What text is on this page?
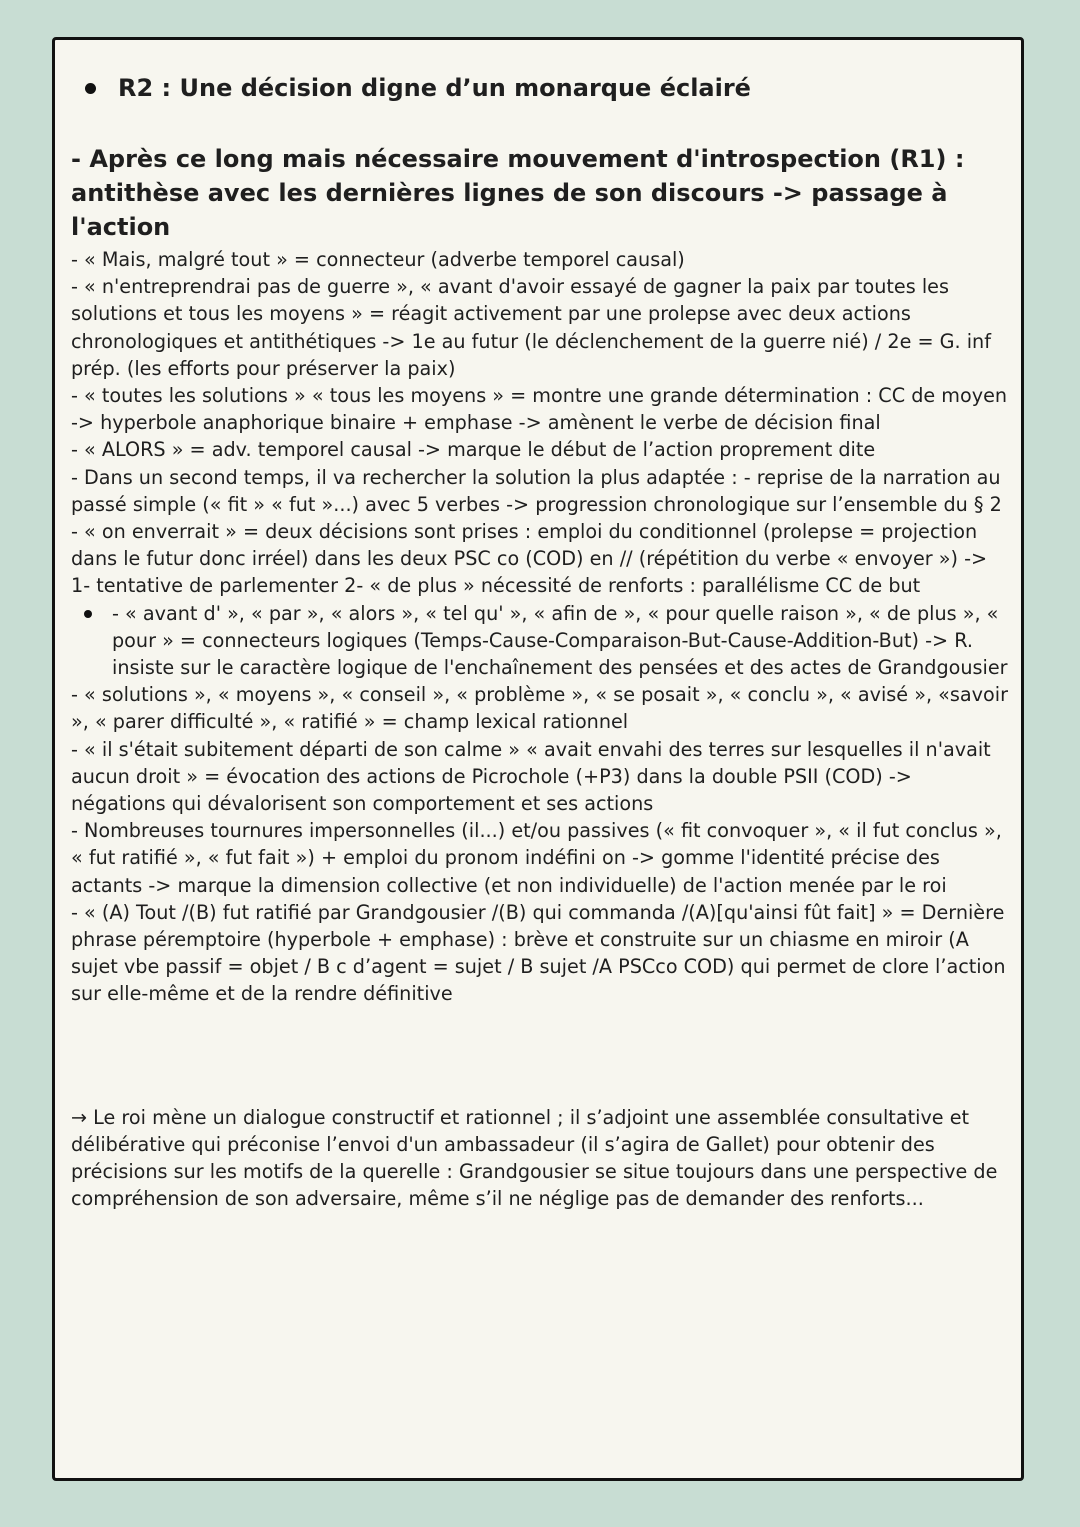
R2 : Une décision digne d’un monarque éclairé
- Après ce long mais nécessaire mouvement d'introspection (R1) : antithèse avec les dernières lignes de son discours -> passage à l'action

- « Mais, malgré tout » = connecteur (adverbe temporel causal)

- « n'entreprendrai pas de guerre », « avant d'avoir essayé de gagner la paix par toutes les solutions et tous les moyens » = réagit activement par une prolepse avec deux actions chronologiques et antithétiques -> 1e au futur (le déclenchement de la guerre nié) / 2e = G. inf prép. (les efforts pour préserver la paix)

- « toutes les solutions » « tous les moyens » = montre une grande détermination : CC de moyen -> hyperbole anaphorique binaire + emphase -> amènent le verbe de décision final

- « ALORS » = adv. temporel causal -> marque le début de l’action proprement dite

- Dans un second temps, il va rechercher la solution la plus adaptée : - reprise de la narration au passé simple (« fit » « fut »...) avec 5 verbes -> progression chronologique sur l’ensemble du § 2

- « on enverrait » = deux décisions sont prises : emploi du conditionnel (prolepse = projection dans le futur donc irréel) dans les deux PSC co (COD) en // (répétition du verbe « envoyer ») -> 1- tentative de parlementer 2- « de plus » nécessité de renforts : parallélisme CC de but

- « avant d' », « par », « alors », « tel qu' », « afin de », « pour quelle raison », « de plus », « pour » = connecteurs logiques (Temps-Cause-Comparaison-But-Cause-Addition-But) -> R. insiste sur le caractère logique de l'enchaînement des pensées et des actes de Grandgousier

- « solutions », « moyens », « conseil », « problème », « se posait », « conclu », « avisé », «savoir », « parer difficulté », « ratifié » = champ lexical rationnel

- « il s'était subitement départi de son calme » « avait envahi des terres sur lesquelles il n'avait aucun droit » = évocation des actions de Picrochole (+P3) dans la double PSII (COD) -> négations qui dévalorisent son comportement et ses actions

- Nombreuses tournures impersonnelles (il...) et/ou passives (« fit convoquer », « il fut conclus », « fut ratifié », « fut fait ») + emploi du pronom indéfini on -> gomme l'identité précise des actants -> marque la dimension collective (et non individuelle) de l'action menée par le roi

- « (A) Tout /(B) fut ratifié par Grandgousier /(B) qui commanda /(A)[qu'ainsi fût fait] » = Dernière phrase péremptoire (hyperbole + emphase) : brève et construite sur un chiasme en miroir (A sujet vbe passif = objet / B c d’agent = sujet / B sujet /A PSCco COD) qui permet de clore l’action sur elle-même et de la rendre définitive

→ Le roi mène un dialogue constructif et rationnel ; il s’adjoint une assemblée consultative et délibérative qui préconise l’envoi d'un ambassadeur (il s’agira de Gallet) pour obtenir des précisions sur les motifs de la querelle : Grandgousier se situe toujours dans une perspective de compréhension de son adversaire, même s’il ne néglige pas de demander des renforts...
